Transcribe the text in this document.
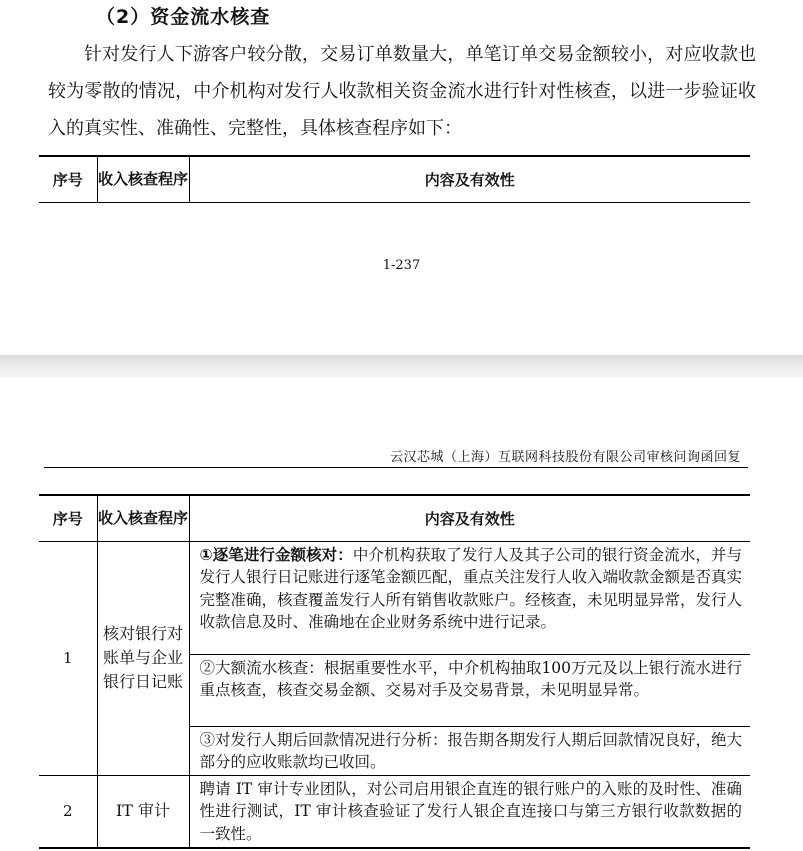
（2）资金流水核查

针对发行人下游客户较分散，交易订单数量大，单笔订单交易金额较小，对应收款也较为零散的情况，中介机构对发行人收款相关资金流水进行针对性核查，以进一步验证收入的真实性、准确性、完整性，具体核查程序如下：

序号	收入核查程序	内容及有效性
1-237
云汉芯城（上海）互联网科技股份有限公司审核问询函回复
序号	收入核查程序	内容及有效性
1	核对银行对账单与企业银行日记账	①逐笔进行金额核对：中介机构获取了发行人及其子公司的银行资金流水，并与发行人银行日记账进行逐笔金额匹配，重点关注发行人收入端收款金额是否真实完整准确，核查覆盖发行人所有销售收款账户。经核查，未见明显异常，发行人收款信息及时、准确地在企业财务系统中进行记录。
②大额流水核查：根据重要性水平，中介机构抽取100万元及以上银行流水进行重点核查，核查交易金额、交易对手及交易背景，未见明显异常。
③对发行人期后回款情况进行分析：报告期各期发行人期后回款情况良好，绝大部分的应收账款均已收回。

2	IT 审计	聘请 IT 审计专业团队，对公司启用银企直连的银行账户的入账的及时性、准确性进行测试，IT 审计核查验证了发行人银企直连接口与第三方银行收款数据的一致性。
